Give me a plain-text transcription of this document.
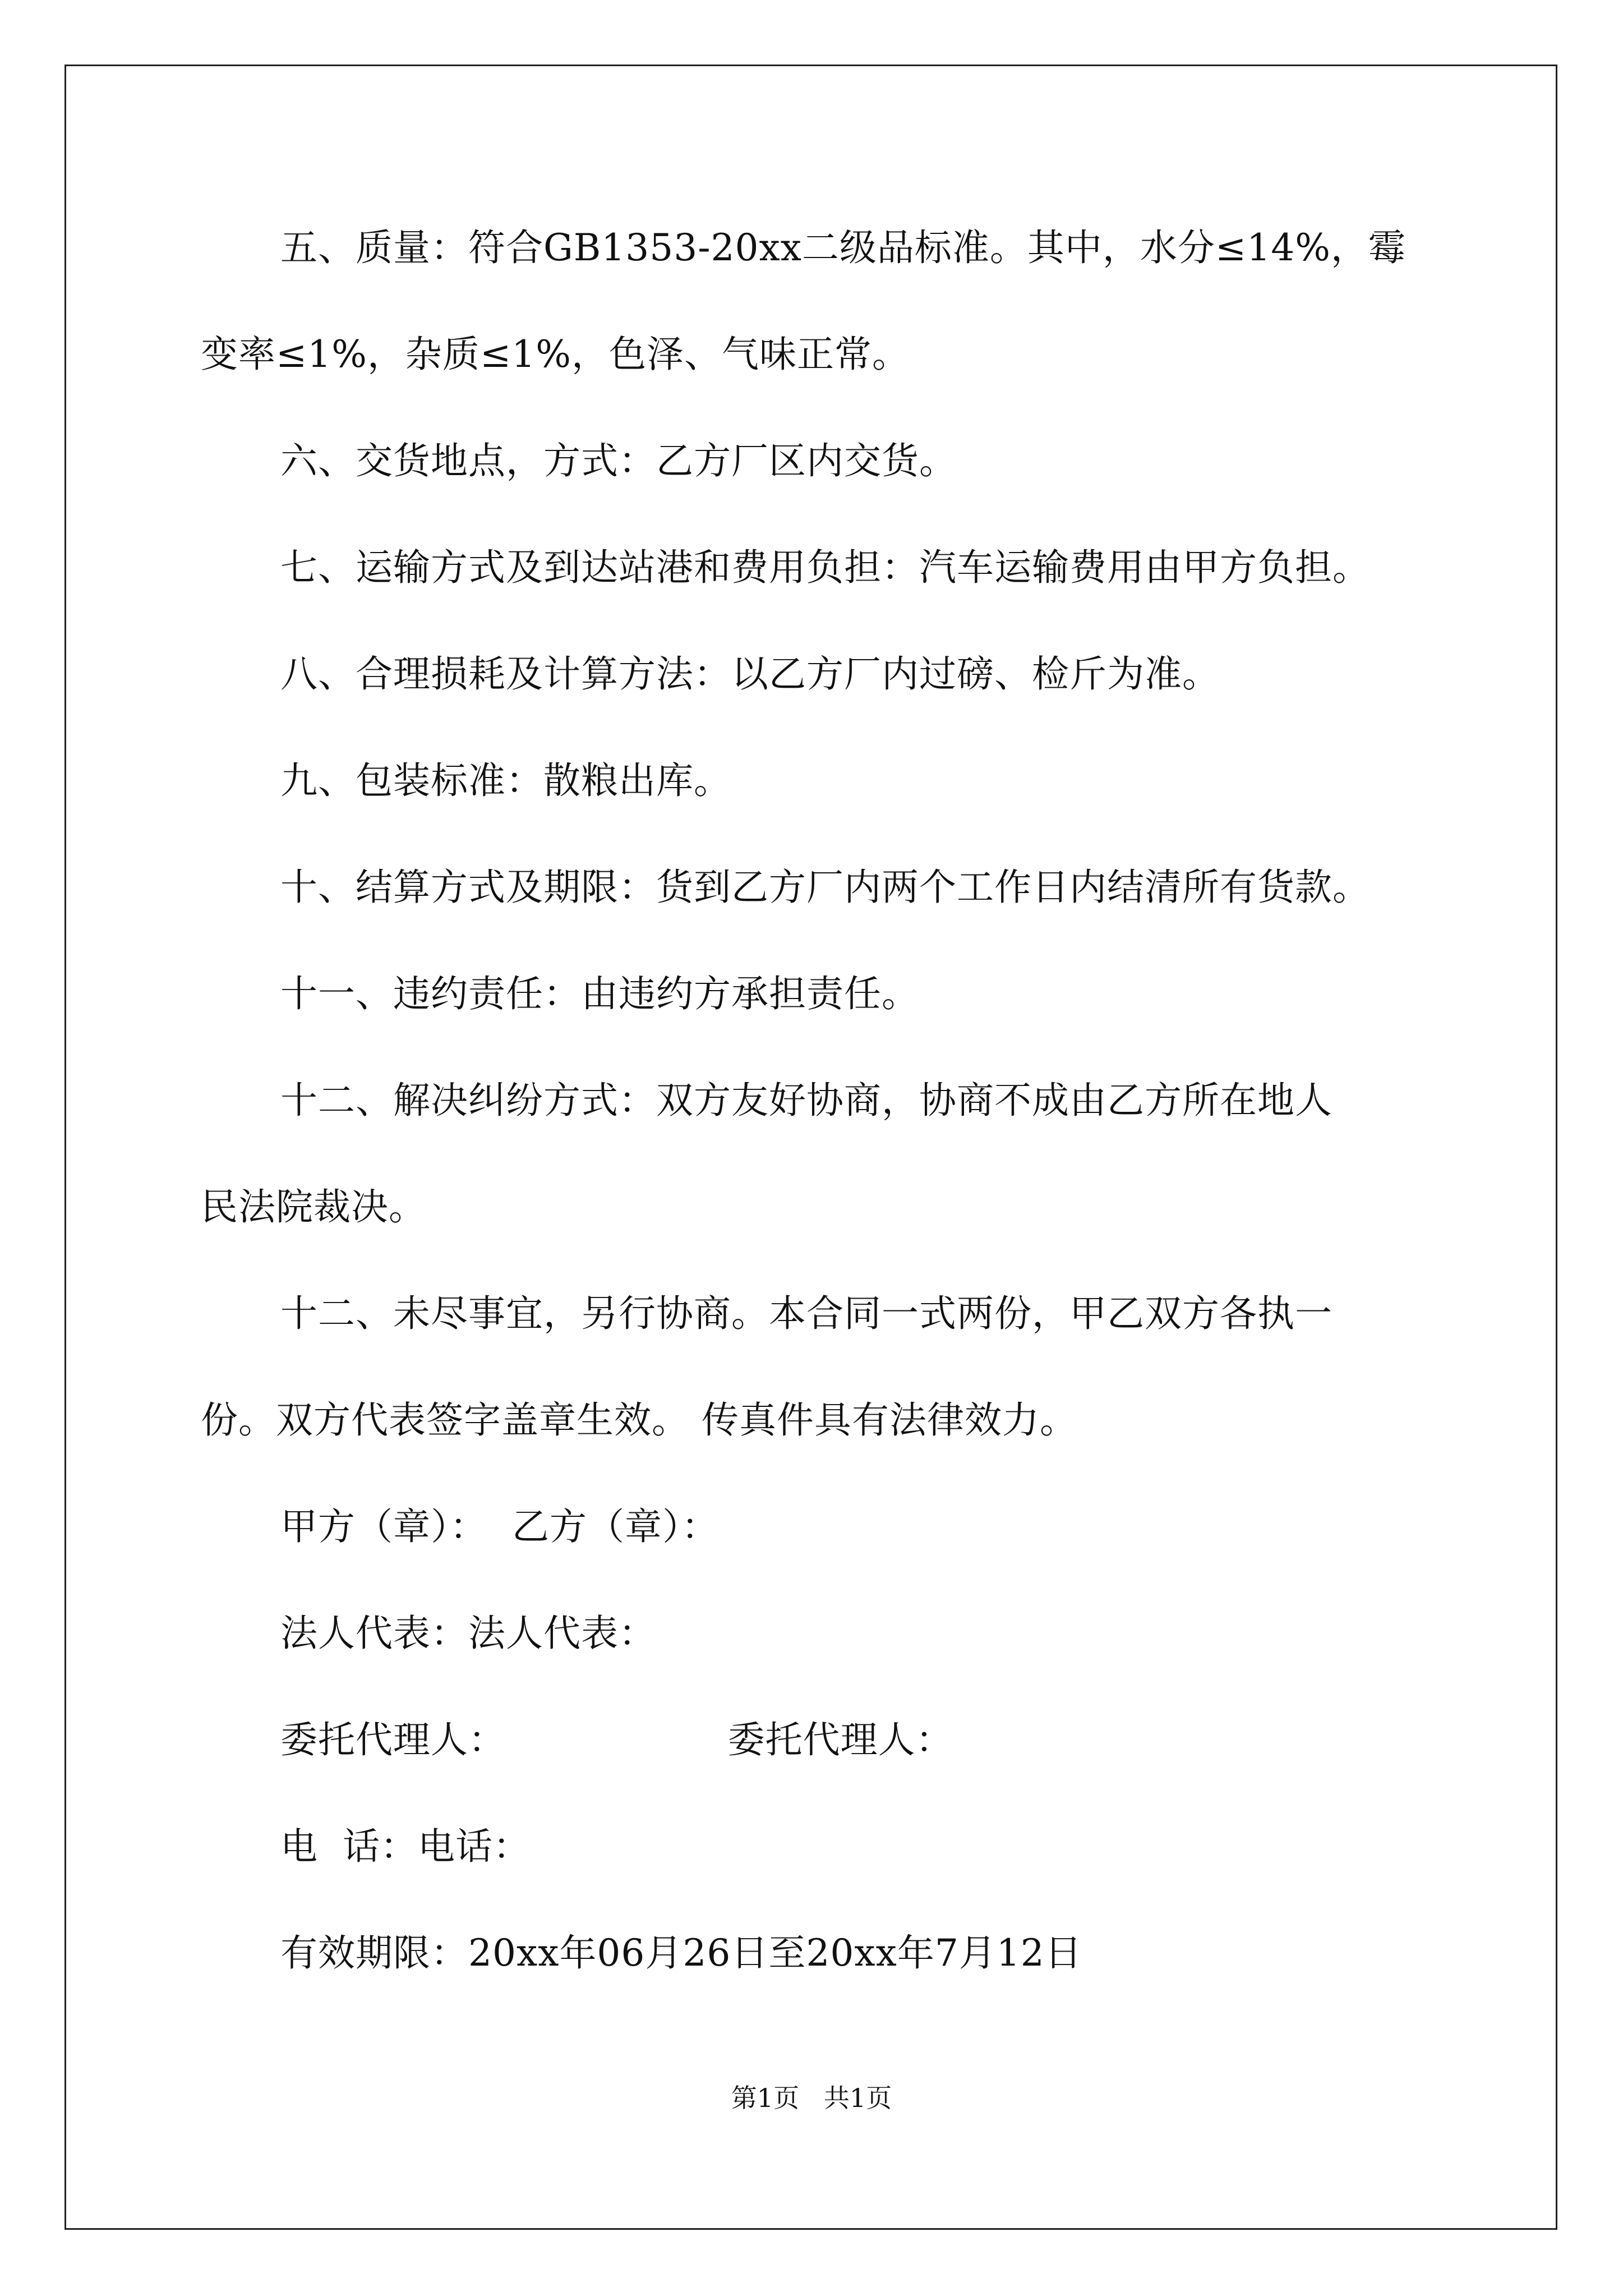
五、质量：符合GB1353-20xx二级品标准。其中，水分≤14%，霉
变率≤1%，杂质≤1%，色泽、气味正常。
六、交货地点，方式：乙方厂区内交货。
七、运输方式及到达站港和费用负担：汽车运输费用由甲方负担。
八、合理损耗及计算方法：以乙方厂内过磅、检斤为准。
九、包装标准：散粮出库。
十、结算方式及期限：货到乙方厂内两个工作日内结清所有货款。
十一、违约责任：由违约方承担责任。
十二、解决纠纷方式：双方友好协商，协商不成由乙方所在地人
民法院裁决。
十二、未尽事宜，另行协商。本合同一式两份，甲乙双方各执一
份。双方代表签字盖章生效。 传真件具有法律效力。
甲方（章）：  乙方（章）：
法人代表：法人代表：
委托代理人：                  委托代理人：
电  话：电话：
有效期限：20xx年06月26日至20xx年7月12日
第1页   共1页
